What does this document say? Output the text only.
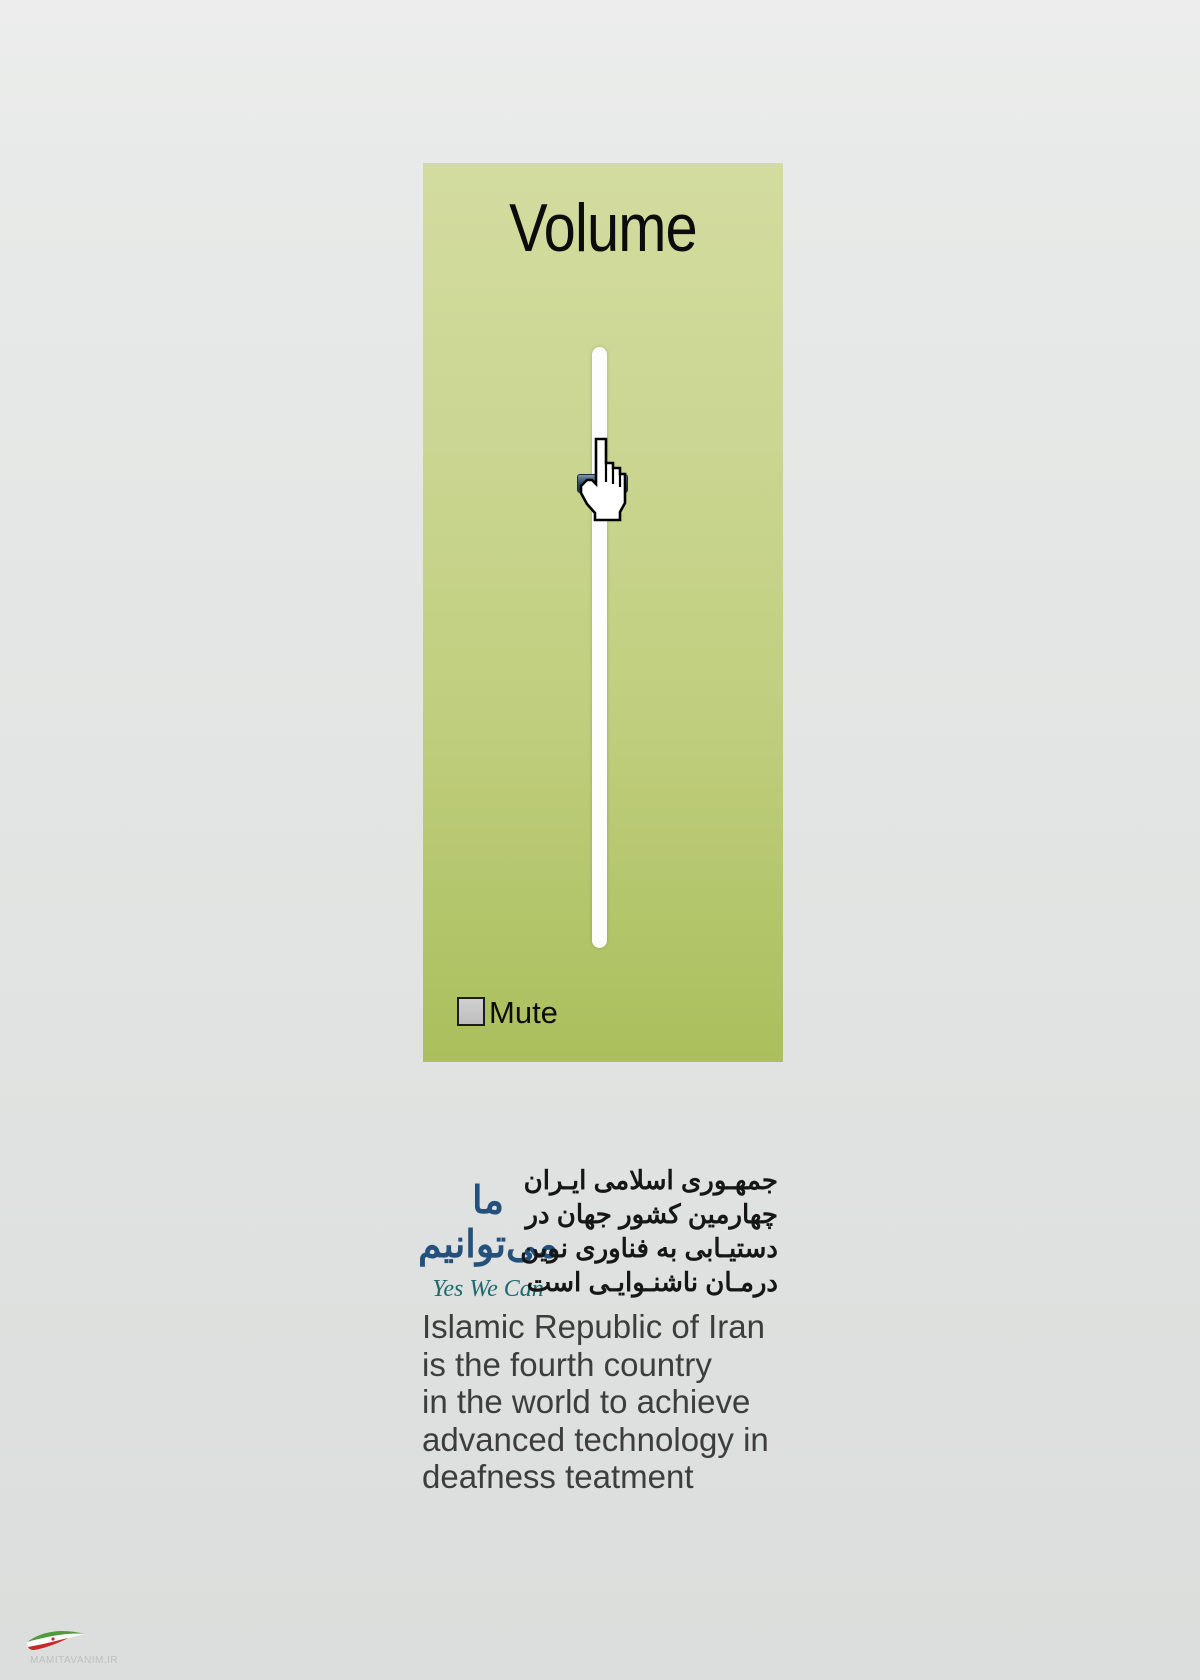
Volume
Mute
ما می‌توانیم
Yes We Can
جمهـوری اسلامی ایـران
چهارمین کشور جهان در
دستیـابی به فناوری نوین
درمـان ناشنـوایـی است
Islamic Republic of Iran
is the fourth country
in the world to achieve
advanced technology in
deafness teatment
MAMITAVANIM.IR
